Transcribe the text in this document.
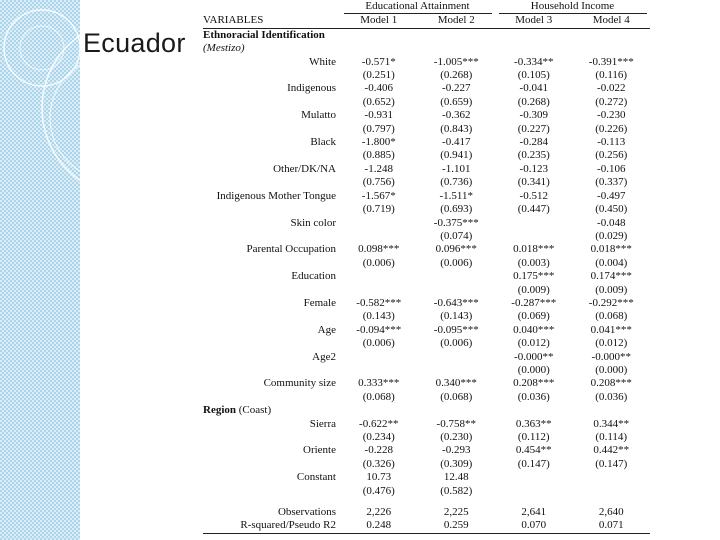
Ecuador
	Educational Attainment		Household Income	
VARIABLES	Model 1	Model 2	Model 3	Model 4
Ethnoracial Identification				
(Mestizo)				
White	-0.571*	-1.005***	-0.334**	-0.391***
	(0.251)	(0.268)	(0.105)	(0.116)
Indigenous	-0.406	-0.227	-0.041	-0.022
	(0.652)	(0.659)	(0.268)	(0.272)
Mulatto	-0.931	-0.362	-0.309	-0.230
	(0.797)	(0.843)	(0.227)	(0.226)
Black	-1.800*	-0.417	-0.284	-0.113
	(0.885)	(0.941)	(0.235)	(0.256)
Other/DK/NA	-1.248	-1.101	-0.123	-0.106
	(0.756)	(0.736)	(0.341)	(0.337)
Indigenous Mother Tongue	-1.567*	-1.511*	-0.512	-0.497
	(0.719)	(0.693)	(0.447)	(0.450)
Skin color		-0.375***		-0.048
		(0.074)		(0.029)
Parental Occupation	0.098***	0.096***	0.018***	0.018***
	(0.006)	(0.006)	(0.003)	(0.004)
Education			0.175***	0.174***
			(0.009)	(0.009)
Female	-0.582***	-0.643***	-0.287***	-0.292***
	(0.143)	(0.143)	(0.069)	(0.068)
Age	-0.094***	-0.095***	0.040***	0.041***
	(0.006)	(0.006)	(0.012)	(0.012)
Age2			-0.000**	-0.000**
			(0.000)	(0.000)
Community size	0.333***	0.340***	0.208***	0.208***
	(0.068)	(0.068)	(0.036)	(0.036)
Region (Coast)				
Sierra	-0.622**	-0.758**	0.363**	0.344**
	(0.234)	(0.230)	(0.112)	(0.114)
Oriente	-0.228	-0.293	0.454**	0.442**
	(0.326)	(0.309)	(0.147)	(0.147)
Constant	10.73	12.48		
	(0.476)	(0.582)		

Observations	2,226	2,225	2,641	2,640
R-squared/Pseudo R2	0.248	0.259	0.070	0.071
